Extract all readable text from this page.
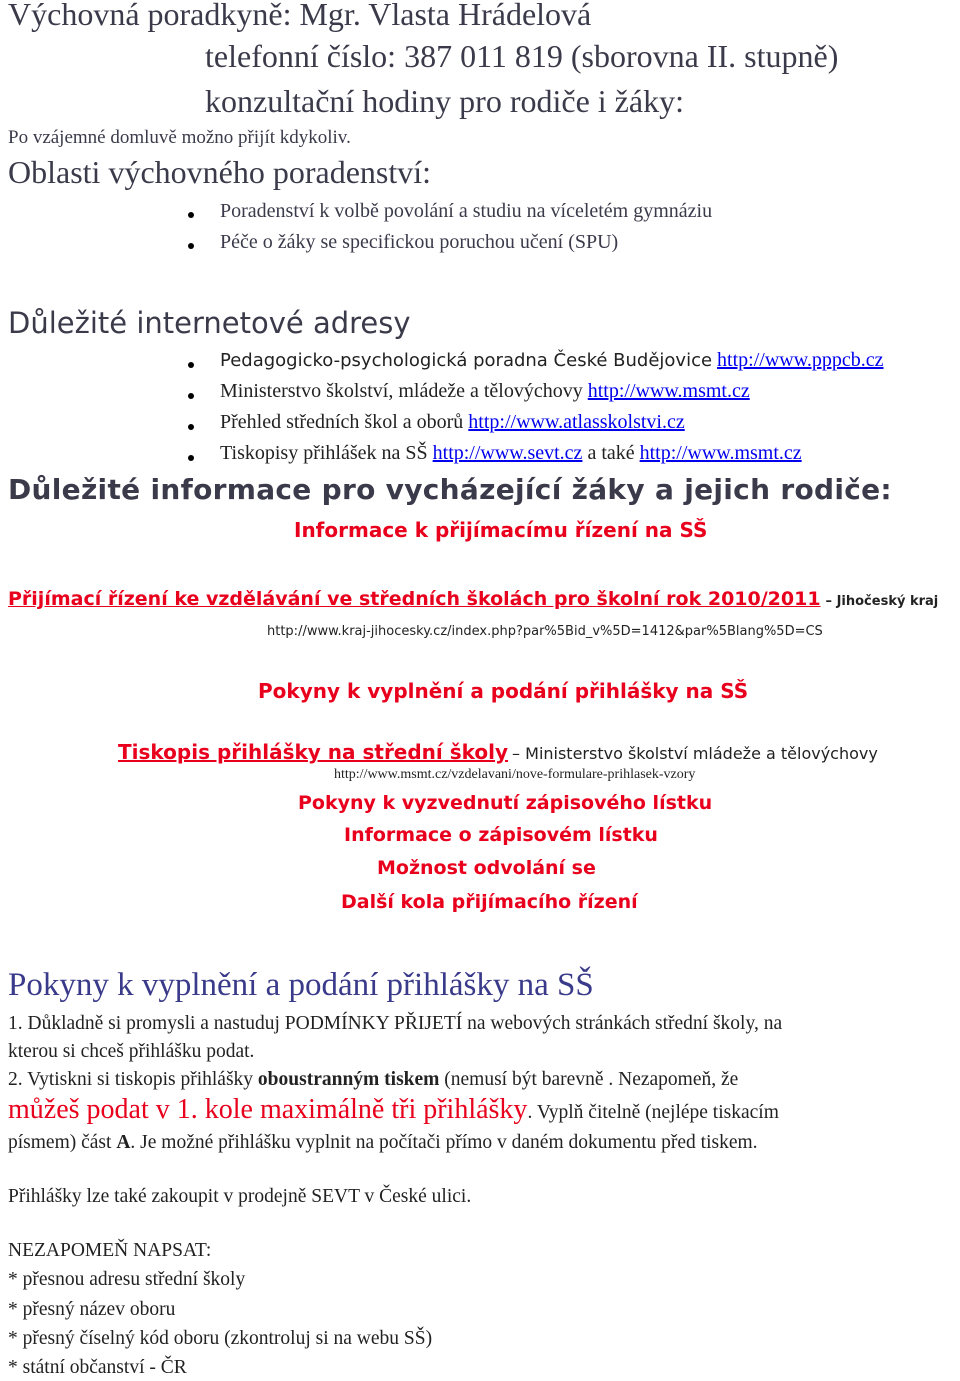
Výchovná poradkyně: Mgr. Vlasta Hrádelová
telefonní číslo: 387 011 819 (sborovna II. stupně)
konzultační hodiny pro rodiče i žáky:
Po vzájemné domluvě možno přijít kdykoliv.
Oblasti výchovného poradenství:
Poradenství k volbě povolání a studiu na víceletém gymnáziu
Péče o žáky se specifickou poruchou učení (SPU)
Důležité internetové adresy
Pedagogicko-psychologická poradna České Budějovice http://www.pppcb.cz
Ministerstvo školství, mládeže a tělovýchovy http://www.msmt.cz
Přehled středních škol a oborů http://www.atlasskolstvi.cz
Tiskopisy přihlášek na SŠ http://www.sevt.cz a také http://www.msmt.cz
Důležité informace pro vycházející žáky a jejich rodiče:
Informace k přijímacímu řízení na SŠ
Přijímací řízení ke vzdělávání ve středních školách pro školní rok 2010/2011 – Jihočeský kraj
http://www.kraj-jihocesky.cz/index.php?par%5Bid_v%5D=1412&par%5Blang%5D=CS
Pokyny k vyplnění a podání přihlášky na SŠ
Tiskopis přihlášky na střední školy – Ministerstvo školství mládeže a tělovýchovy
http://www.msmt.cz/vzdelavani/nove-formulare-prihlasek-vzory
Pokyny k vyzvednutí zápisového lístku
Informace o zápisovém lístku
Možnost odvolání se
Další kola přijímacího řízení
Pokyny k vyplnění a podání přihlášky na SŠ
1. Důkladně si promysli a nastuduj PODMÍNKY PŘIJETÍ na webových stránkách střední školy, na
kterou si chceš přihlášku podat.
2. Vytiskni si tiskopis přihlášky oboustranným tiskem (nemusí být barevně . Nezapomeň, že
můžeš podat v 1. kole maximálně tři přihlášky. Vyplň čitelně (nejlépe tiskacím
písmem) část A. Je možné přihlášku vyplnit na počítači přímo v daném dokumentu před tiskem.
Přihlášky lze také zakoupit v prodejně SEVT v České ulici.
NEZAPOMEŇ NAPSAT:
* přesnou adresu střední školy
* přesný název oboru
* přesný číselný kód oboru (zkontroluj si na webu SŠ)
* státní občanství - ČR
